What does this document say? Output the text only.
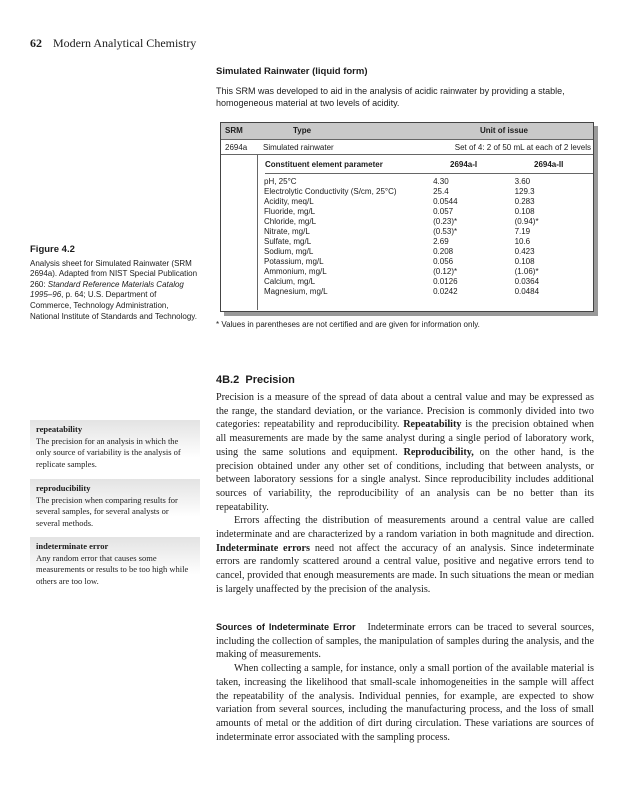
62 Modern Analytical Chemistry
Simulated Rainwater (liquid form)
This SRM was developed to aid in the analysis of acidic rainwater by providing a stable, homogeneous material at two levels of acidity.
SRM	Type	Unit of issue
2694a Simulated rainwater	Set of 4: 2 of 50 mL at each of 2 levels
Constituent element parameter	2694a-I	2694a-II
pH, 25°C	4.30	3.60
Electrolytic Conductivity (S/cm, 25°C)	25.4	129.3
Acidity, meq/L	0.0544	0.283
Fluoride, mg/L	0.057	0.108
Chloride, mg/L	(0.23)*	(0.94)*
Nitrate, mg/L	(0.53)*	7.19
Sulfate, mg/L	2.69	10.6
Sodium, mg/L	0.208	0.423
Potassium, mg/L	0.056	0.108
Ammonium, mg/L	(0.12)*	(1.06)*
Calcium, mg/L	0.0126	0.0364
Magnesium, mg/L	0.0242	0.0484
* Values in parentheses are not certified and are given for information only.
Figure 4.2
Analysis sheet for Simulated Rainwater (SRM 2694a). Adapted from NIST Special Publication 260: Standard Reference Materials Catalog 1995–96, p. 64; U.S. Department of Commerce, Technology Administration, National Institute of Standards and Technology.
repeatability
The precision for an analysis in which the only source of variability is the analysis of replicate samples.
reproducibility
The precision when comparing results for several samples, for several analysts or several methods.
indeterminate error
Any random error that causes some measurements or results to be too high while others are too low.
4B.2 Precision

Precision is a measure of the spread of data about a central value and may be expressed as the range, the standard deviation, or the variance. Precision is commonly divided into two categories: repeatability and reproducibility. Repeatability is the precision obtained when all measurements are made by the same analyst during a single period of laboratory work, using the same solutions and equipment. Reproducibility, on the other hand, is the precision obtained under any other set of conditions, including that between analysts, or between laboratory sessions for a single analyst. Since reproducibility includes additional sources of variability, the reproducibility of an analysis can be no better than its repeatability.

Errors affecting the distribution of measurements around a central value are called indeterminate and are characterized by a random variation in both magnitude and direction. Indeterminate errors need not affect the accuracy of an analysis. Since indeterminate errors are randomly scattered around a central value, positive and negative errors tend to cancel, provided that enough measurements are made. In such situations the mean or median is largely unaffected by the precision of the analysis.

Sources of Indeterminate Error Indeterminate errors can be traced to several sources, including the collection of samples, the manipulation of samples during the analysis, and the making of measurements.

When collecting a sample, for instance, only a small portion of the available material is taken, increasing the likelihood that small-scale inhomogeneities in the sample will affect the repeatability of the analysis. Individual pennies, for example, are expected to show variation from several sources, including the manufacturing process, and the loss of small amounts of metal or the addition of dirt during circulation. These variations are sources of indeterminate error associated with the sampling process.
